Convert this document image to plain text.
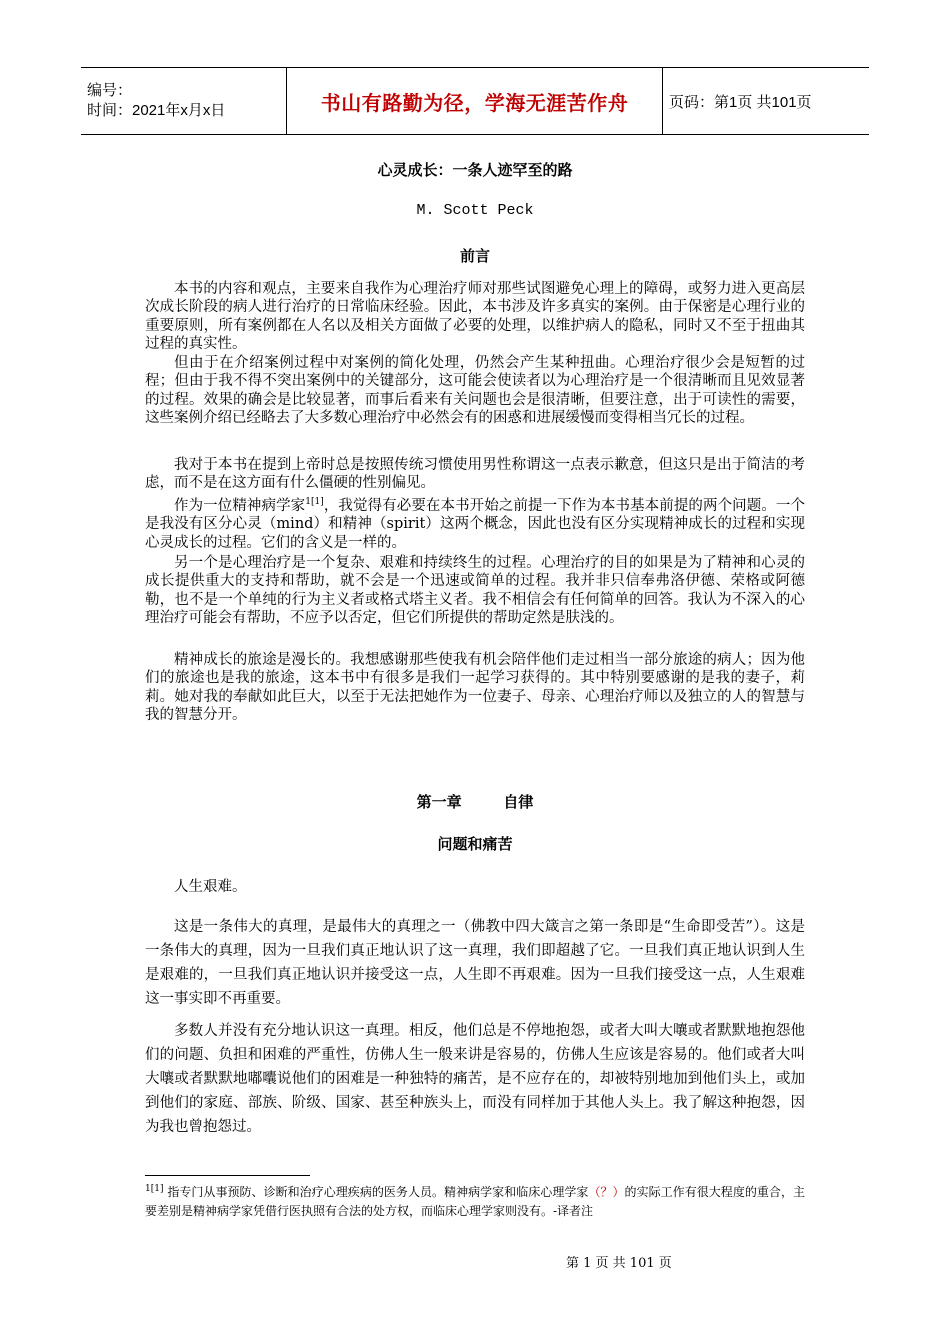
编号：
时间：2021年x月x日	书山有路勤为径，学海无涯苦作舟	页码：第1页 共101页
心灵成长：一条人迹罕至的路
M. Scott Peck
前言

本书的内容和观点，主要来自我作为心理治疗师对那些试图避免心理上的障碍，或努力进入更高层次成长阶段的病人进行治疗的日常临床经验。因此，本书涉及许多真实的案例。由于保密是心理行业的重要原则，所有案例都在人名以及相关方面做了必要的处理，以维护病人的隐私，同时又不至于扭曲其过程的真实性。

但由于在介绍案例过程中对案例的简化处理，仍然会产生某种扭曲。心理治疗很少会是短暂的过程；但由于我不得不突出案例中的关键部分，这可能会使读者以为心理治疗是一个很清晰而且见效显著的过程。效果的确会是比较显著，而事后看来有关问题也会是很清晰，但要注意，出于可读性的需要，这些案例介绍已经略去了大多数心理治疗中必然会有的困惑和进展缓慢而变得相当冗长的过程。

我对于本书在提到上帝时总是按照传统习惯使用男性称谓这一点表示歉意，但这只是出于简洁的考虑，而不是在这方面有什么僵硬的性别偏见。

作为一位精神病学家$^{1[1]}$，我觉得有必要在本书开始之前提一下作为本书基本前提的两个问题。一个是我没有区分心灵（mind）和精神（spirit）这两个概念，因此也没有区分实现精神成长的过程和实现心灵成长的过程。它们的含义是一样的。

另一个是心理治疗是一个复杂、艰难和持续终生的过程。心理治疗的目的如果是为了精神和心灵的成长提供重大的支持和帮助，就不会是一个迅速或简单的过程。我并非只信奉弗洛伊德、荣格或阿德勒，也不是一个单纯的行为主义者或格式塔主义者。我不相信会有任何简单的回答。我认为不深入的心理治疗可能会有帮助，不应予以否定，但它们所提供的帮助定然是肤浅的。

精神成长的旅途是漫长的。我想感谢那些使我有机会陪伴他们走过相当一部分旅途的病人；因为他们的旅途也是我的旅途，这本书中有很多是我们一起学习获得的。其中特别要感谢的是我的妻子，莉莉。她对我的奉献如此巨大，以至于无法把她作为一位妻子、母亲、心理治疗师以及独立的人的智慧与我的智慧分开。

第一章        自律
问题和痛苦

人生艰难。

这是一条伟大的真理，是最伟大的真理之一（佛教中四大箴言之第一条即是“生命即受苦”）。这是一条伟大的真理，因为一旦我们真正地认识了这一真理，我们即超越了它。一旦我们真正地认识到人生是艰难的，一旦我们真正地认识并接受这一点，人生即不再艰难。因为一旦我们接受这一点，人生艰难这一事实即不再重要。

多数人并没有充分地认识这一真理。相反，他们总是不停地抱怨，或者大叫大嚷或者默默地抱怨他们的问题、负担和困难的严重性，仿佛人生一般来讲是容易的，仿佛人生应该是容易的。他们或者大叫大嚷或者默默地嘟囔说他们的困难是一种独特的痛苦，是不应存在的，却被特别地加到他们头上，或加到他们的家庭、部族、阶级、国家、甚至种族头上，而没有同样加于其他人头上。我了解这种抱怨，因为我也曾抱怨过。

$^{1[1]}$ 指专门从事预防、诊断和治疗心理疾病的医务人员。精神病学家和临床心理学家（？）的实际工作有很大程度的重合，主要差别是精神病学家凭借行医执照有合法的处方权，而临床心理学家则没有。-译者注

第 1 页 共 101 页
